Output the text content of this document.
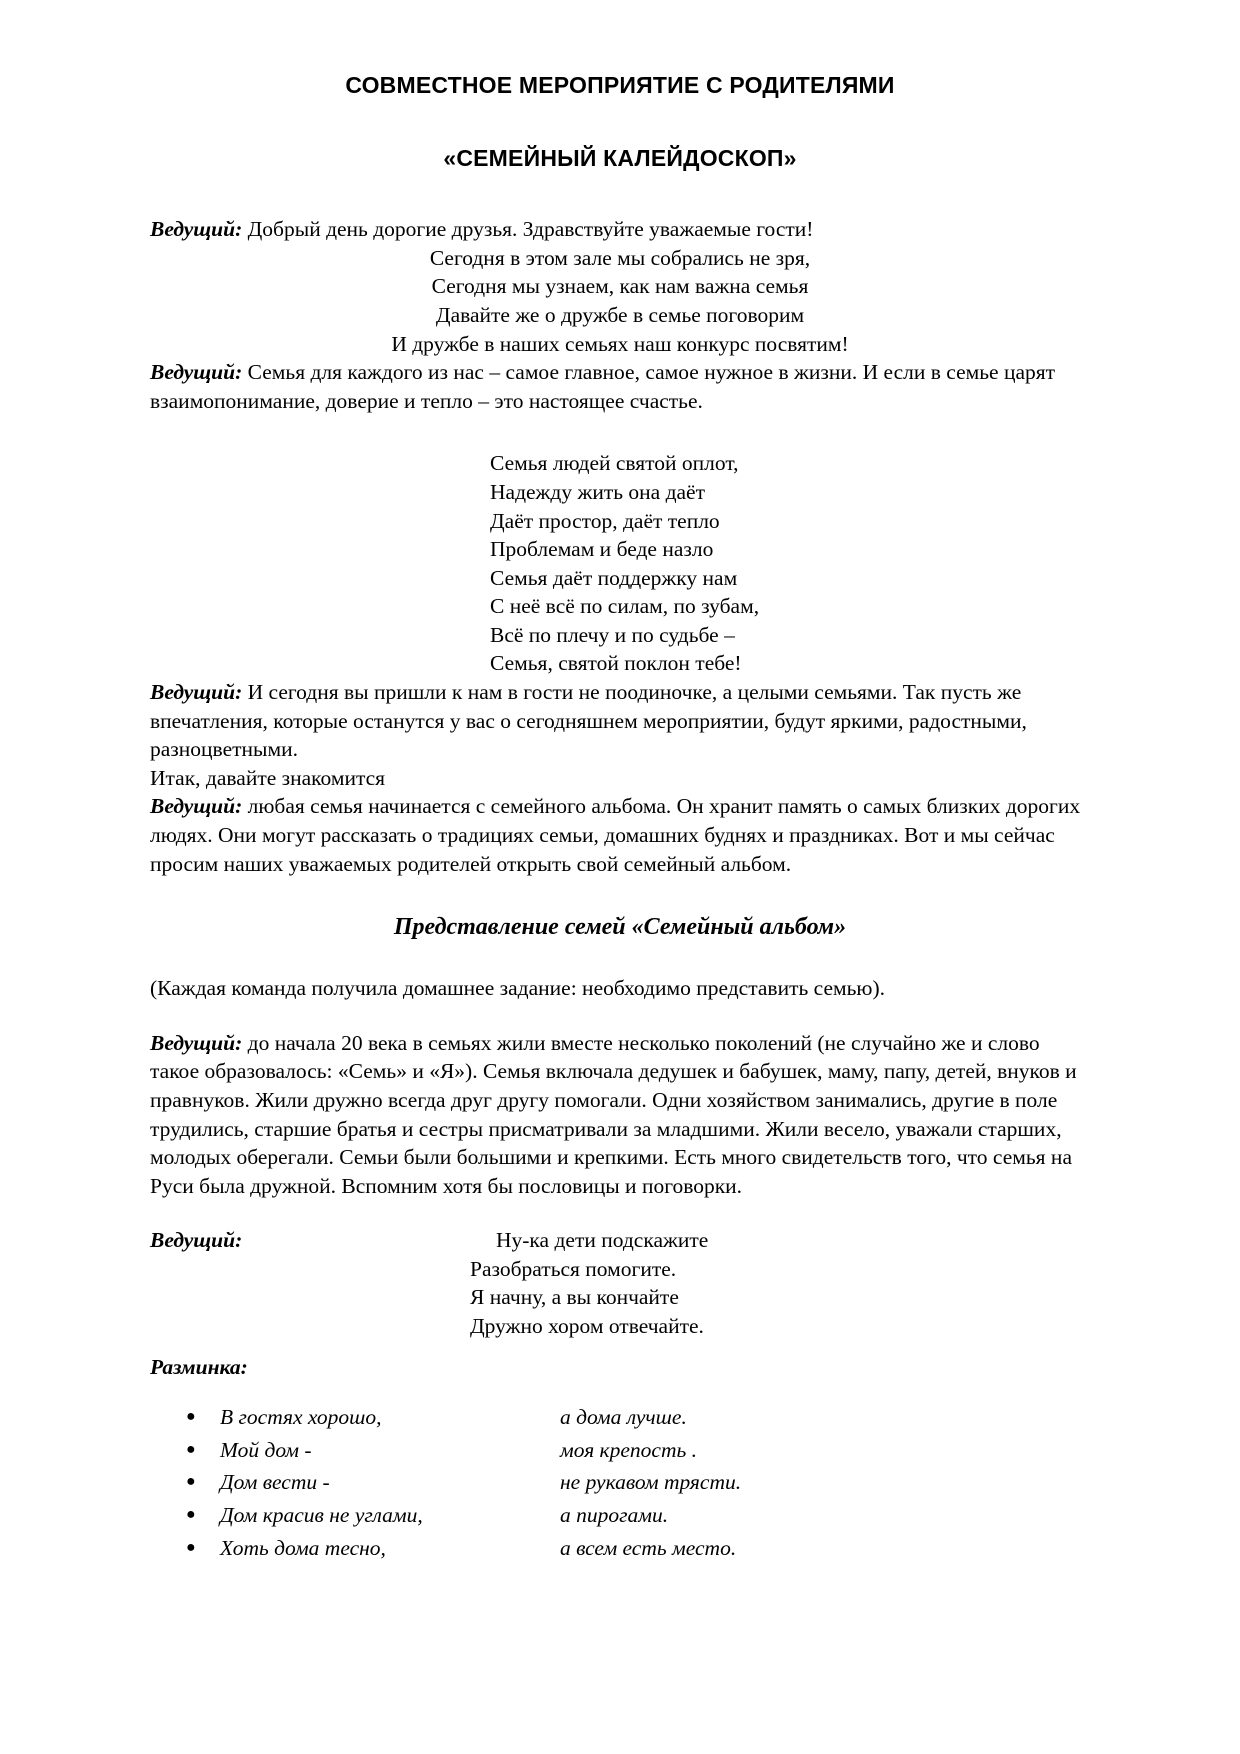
СОВМЕСТНОЕ МЕРОПРИЯТИЕ С РОДИТЕЛЯМИ
«СЕМЕЙНЫЙ КАЛЕЙДОСКОП»

Ведущий: Добрый день дорогие друзья. Здравствуйте уважаемые гости!

Сегодня в этом зале мы собрались не зря,
Сегодня мы узнаем, как нам важна семья
Давайте же о дружбе в семье поговорим
И дружбе в наших семьях наш конкурс посвятим!

Ведущий: Семья для каждого из нас – самое главное, самое нужное в жизни. И если в семье царят взаимопонимание, доверие и тепло – это настоящее счастье.

Семья людей святой оплот,
Надежду жить она даёт
Даёт простор, даёт тепло
Проблемам и беде назло
Семья даёт поддержку нам
С неё всё по силам, по зубам,
Всё по плечу и по судьбе –
Семья, святой поклон тебе!

Ведущий: И сегодня вы пришли к нам в гости не поодиночке, а целыми семьями. Так пусть же впечатления, которые останутся у вас о сегодняшнем мероприятии, будут яркими, радостными, разноцветными.

Итак, давайте знакомится

Ведущий: любая семья начинается с семейного альбома. Он хранит память о самых близких дорогих людях. Они могут рассказать о традициях семьи, домашних буднях и праздниках. Вот и мы сейчас просим наших уважаемых родителей открыть свой семейный альбом.

Представление семей «Семейный альбом»

(Каждая команда получила домашнее задание: необходимо представить семью).

Ведущий: до начала 20 века в семьях жили вместе несколько поколений (не случайно же и слово такое образовалось: «Семь» и «Я»). Семья включала дедушек и бабушек, маму, папу, детей, внуков и правнуков. Жили дружно всегда друг другу помогали. Одни хозяйством занимались, другие в поле трудились, старшие братья и сестры присматривали за младшими. Жили весело, уважали старших, молодых оберегали. Семьи были большими и крепкими. Есть много свидетельств того, что семья на Руси была дружной. Вспомним хотя бы пословицы и поговорки.

Ведущий:	Ну-ка дети подскажите
Разобраться помогите.
Я начну, а вы кончайте
Дружно хором отвечайте.

Разминка:

●	В гостях хорошо,	а дома лучше.
●	Мой дом -	моя крепость .
●	Дом вести -	не рукавом трясти.
●	Дом красив не углами,	а пирогами.
●	Хоть дома тесно,	а всем есть место.
